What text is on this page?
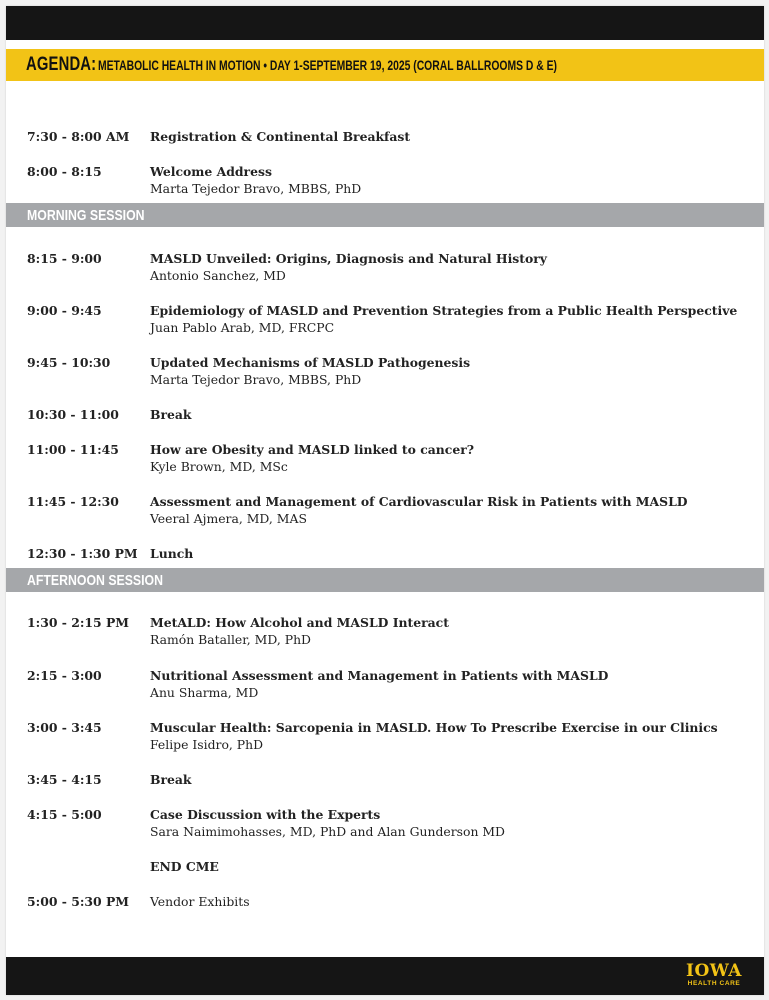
AGENDA: METABOLIC HEALTH IN MOTION • DAY 1-SEPTEMBER 19, 2025 (CORAL BALLROOMS D & E)
7:30 - 8:00 AM Registration & Continental Breakfast
8:00 - 8:15	Welcome Address
Marta Tejedor Bravo, MBBS, PhD
MORNING SESSION
8:15 - 9:00	MASLD Unveiled: Origins, Diagnosis and Natural History
Antonio Sanchez, MD
9:00 - 9:45	Epidemiology of MASLD and Prevention Strategies from a Public Health Perspective
Juan Pablo Arab, MD, FRCPC
9:45 - 10:30	Updated Mechanisms of MASLD Pathogenesis
Marta Tejedor Bravo, MBBS, PhD
10:30 - 11:00	Break
11:00 - 11:45	How are Obesity and MASLD linked to cancer?
Kyle Brown, MD, MSc
11:45 - 12:30	Assessment and Management of Cardiovascular Risk in Patients with MASLD
Veeral Ajmera, MD, MAS
12:30 - 1:30 PM Lunch
AFTERNOON SESSION
1:30 - 2:15 PM MetALD: How Alcohol and MASLD Interact
Ramón Bataller, MD, PhD
2:15 - 3:00	Nutritional Assessment and Management in Patients with MASLD
Anu Sharma, MD
3:00 - 3:45	Muscular Health: Sarcopenia in MASLD. How To Prescribe Exercise in our Clinics
Felipe Isidro, PhD
3:45 - 4:15	Break
4:15 - 5:00	Case Discussion with the Experts
Sara Naimimohasses, MD, PhD and Alan Gunderson MD
END CME
5:00 - 5:30 PM Vendor Exhibits
IOWA
HEALTH CARE
